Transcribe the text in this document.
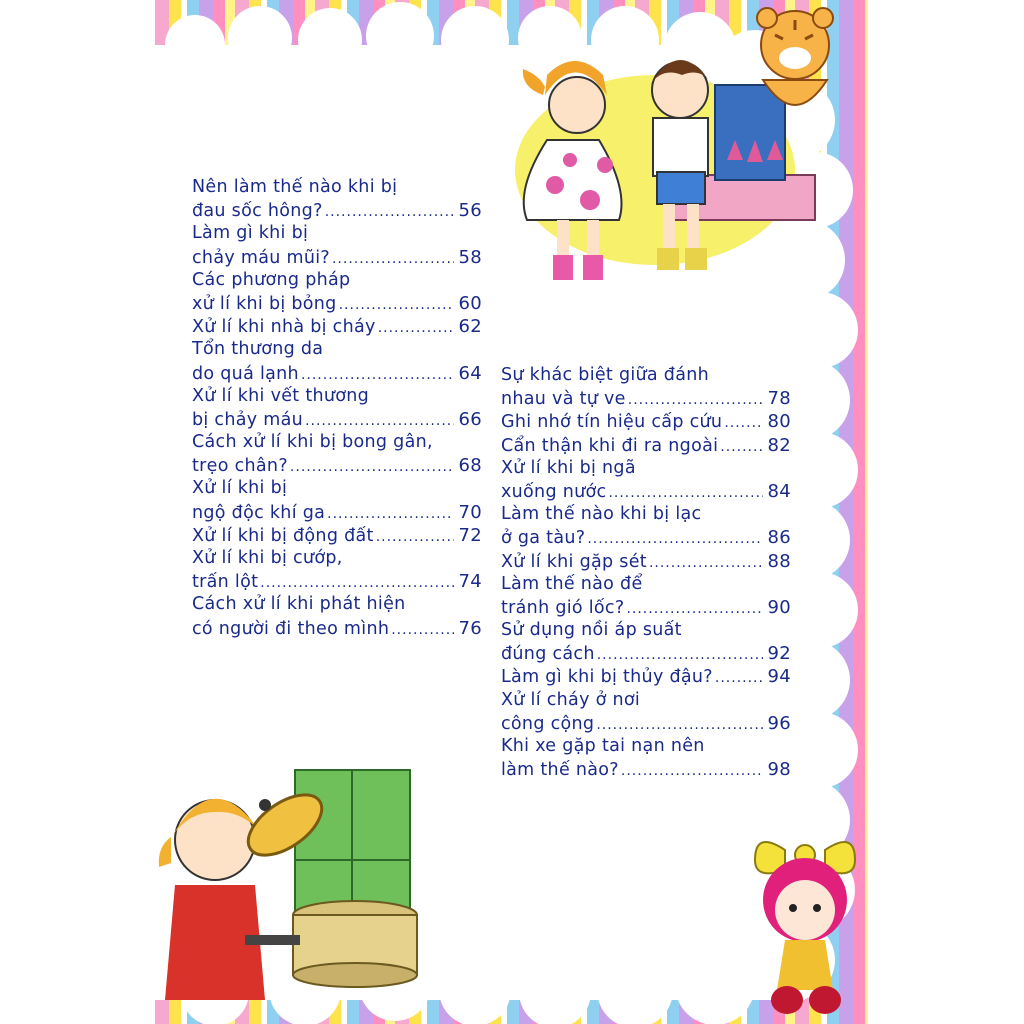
Nên làm thế nào khi bị
đau sốc hông? .....	56
Làm gì khi bị
chảy máu mũi? .....	58
Các phương pháp
xử lí khi bị bỏng .....	60
Xử lí khi nhà bị cháy .....	62
Tổn thương da
do quá lạnh .....	64
Xử lí khi vết thương
bị chảy máu .....	66
Cách xử lí khi bị bong gân,
trẹo chân? .....	68
Xử lí khi bị
ngộ độc khí ga .....	70
Xử lí khi bị động đất .....	72
Xử lí khi bị cướp,
trấn lột .....	74
Cách xử lí khi phát hiện
có người đi theo mình .....	76
Sự khác biệt giữa đánh
nhau và tự ve .....	78
Ghi nhớ tín hiệu cấp cứu .....	80
Cẩn thận khi đi ra ngoài .....	82
Xử lí khi bị ngã
xuống nước .....	84
Làm thế nào khi bị lạc
ở ga tàu? .....	86
Xử lí khi gặp sét .....	88
Làm thế nào để
tránh gió lốc? .....	90
Sử dụng nồi áp suất
đúng cách .....	92
Làm gì khi bị thủy đậu? .....	94
Xử lí cháy ở nơi
công cộng .....	96
Khi xe gặp tai nạn nên
làm thế nào? .....	98
